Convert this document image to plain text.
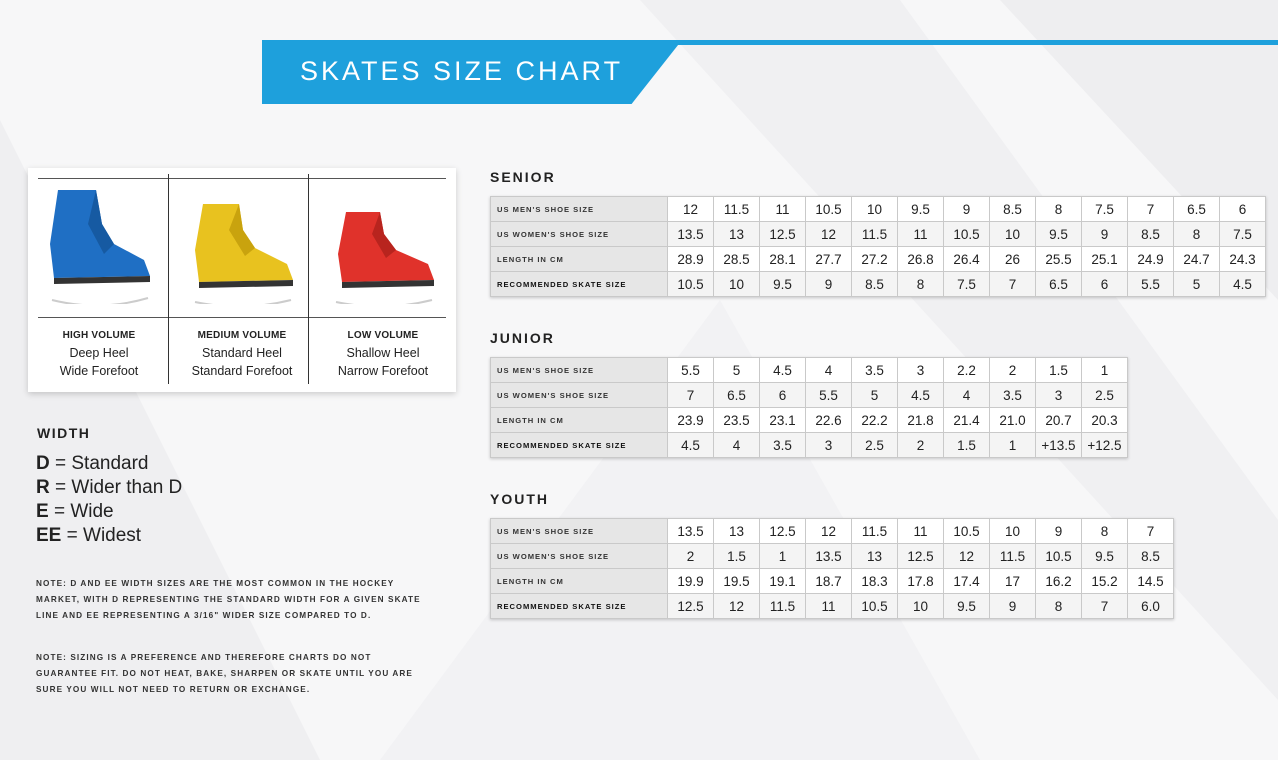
SKATES SIZE CHART
HIGH VOLUME
Deep Heel
Wide Forefoot
MEDIUM VOLUME
Standard Heel
Standard Forefoot
LOW VOLUME
Shallow Heel
Narrow Forefoot
WIDTH
D = Standard
R = Wider than D
E = Wide
EE = Widest
NOTE: D AND EE WIDTH SIZES ARE THE MOST COMMON IN THE HOCKEY MARKET, WITH D REPRESENTING THE STANDARD WIDTH FOR A GIVEN SKATE LINE AND EE REPRESENTING A 3/16" WIDER SIZE COMPARED TO D.
NOTE: SIZING IS A PREFERENCE AND THEREFORE CHARTS DO NOT GUARANTEE FIT. DO NOT HEAT, BAKE, SHARPEN OR SKATE UNTIL YOU ARE SURE YOU WILL NOT NEED TO RETURN OR EXCHANGE.
SENIOR
US MEN'S SHOE SIZE	12	11.5	11	10.5	10	9.5	9	8.5	8	7.5	7	6.5	6
US WOMEN'S SHOE SIZE	13.5	13	12.5	12	11.5	11	10.5	10	9.5	9	8.5	8	7.5
LENGTH IN CM	28.9	28.5	28.1	27.7	27.2	26.8	26.4	26	25.5	25.1	24.9	24.7	24.3
RECOMMENDED SKATE SIZE	10.5	10	9.5	9	8.5	8	7.5	7	6.5	6	5.5	5	4.5
JUNIOR
US MEN'S SHOE SIZE	5.5	5	4.5	4	3.5	3	2.2	2	1.5	1
US WOMEN'S SHOE SIZE	7	6.5	6	5.5	5	4.5	4	3.5	3	2.5
LENGTH IN CM	23.9	23.5	23.1	22.6	22.2	21.8	21.4	21.0	20.7	20.3
RECOMMENDED SKATE SIZE	4.5	4	3.5	3	2.5	2	1.5	1	+13.5	+12.5
YOUTH
US MEN'S SHOE SIZE	13.5	13	12.5	12	11.5	11	10.5	10	9	8	7
US WOMEN'S SHOE SIZE	2	1.5	1	13.5	13	12.5	12	11.5	10.5	9.5	8.5
LENGTH IN CM	19.9	19.5	19.1	18.7	18.3	17.8	17.4	17	16.2	15.2	14.5
RECOMMENDED SKATE SIZE	12.5	12	11.5	11	10.5	10	9.5	9	8	7	6.0
